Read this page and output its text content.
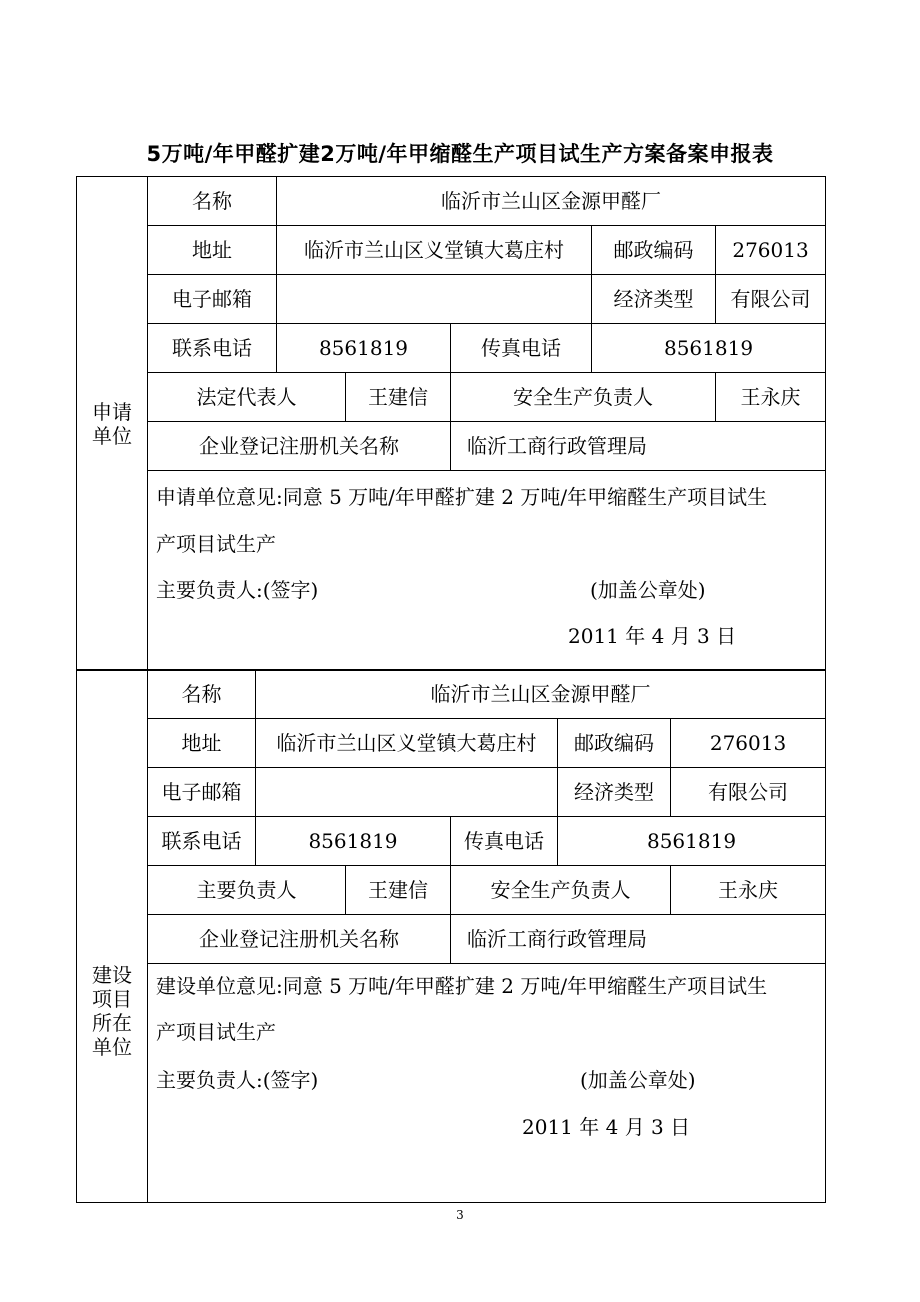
5万吨/年甲醛扩建2万吨/年甲缩醛生产项目试生产方案备案申报表
申请
单位	名称	临沂市兰山区金源甲醛厂				
	地址	临沂市兰山区义堂镇大葛庄村			邮政编码	276013
	电子邮箱				经济类型	有限公司
	联系电话	8561819		传真电话	8561819	
	法定代表人		王建信	安全生产负责人		王永庆
	企业登记注册机关名称			临沂工商行政管理局		

	申请单位意见:同意 5 万吨/年甲醛扩建 2 万吨/年甲缩醛生产项目试生
产项目试生产
主要负责人:(签字) (加盖公章处)
2011 年 4 月 3 日					
建设
项目
所在
单位	名称	临沂市兰山区金源甲醛厂				
	地址	临沂市兰山区义堂镇大葛庄村			邮政编码	276013
	电子邮箱				经济类型	有限公司
	联系电话	8561819		传真电话	8561819	
	主要负责人		王建信	安全生产负责人		王永庆
	企业登记注册机关名称			临沂工商行政管理局		

	建设单位意见:同意 5 万吨/年甲醛扩建 2 万吨/年甲缩醛生产项目试生
产项目试生产
主要负责人:(签字) (加盖公章处)
2011 年 4 月 3 日					
3
